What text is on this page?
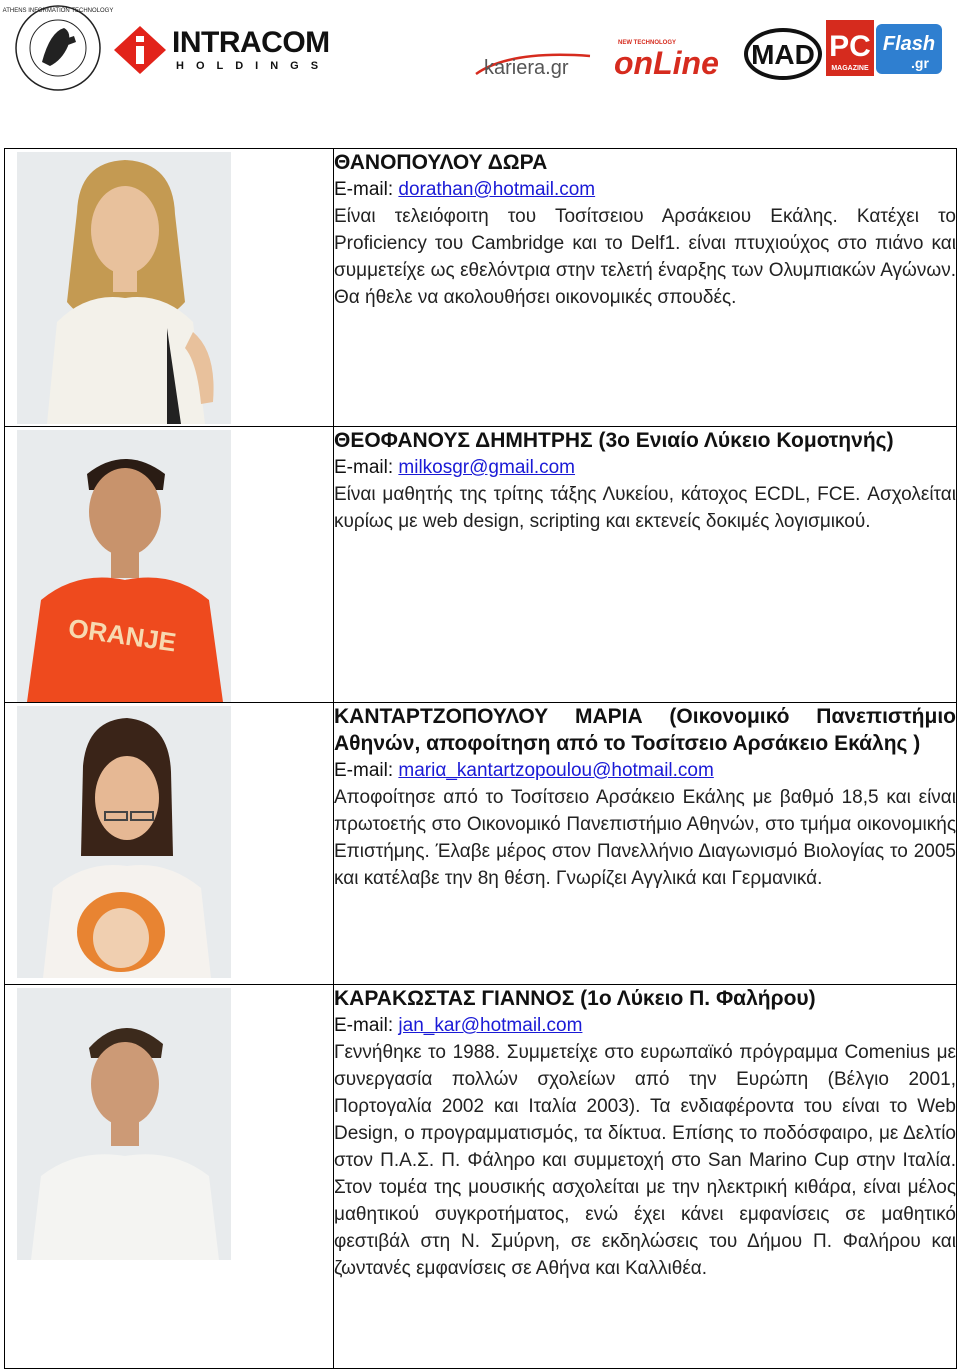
ATHENS INFORMATION TECHNOLOGY
INTRACOM
HOLDINGS	kariera.gr
NEW TECHNOLOGY
onLine MAD PC
MAGAZINE
Flash
.gr

ΘΑΝΟΠΟΥΛΟΥ ΔΩΡΑ

E-mail: dorathan@hotmail.com

Είναι τελειόφοιτη του Τοσίτσειου Αρσάκειου Εκάλης. Κατέχει το Proficiency του Cambridge και το Delf1. είναι πτυχιούχος στο πιάνο και συμμετείχε ως εθελόντρια στην τελετή έναρξης των Ολυμπιακών Αγώνων. Θα ήθελε να ακολουθήσει οικονομικές σπουδές.

ORANJE	ΘΕΟΦΑΝΟΥΣ ΔΗΜΗΤΡΗΣ (3ο Ενιαίο Λύκειο Κομοτηνής)

E-mail: milkosgr@gmail.com

Είναι μαθητής της τρίτης τάξης Λυκείου, κάτοχος ECDL, FCE. Ασχολείται κυρίως με web design, scripting και εκτενείς δοκιμές λογισμικού.

ΚΑΝΤΑΡΤΖΟΠΟΥΛΟΥ ΜΑΡΙΑ (Οικονομικό Πανεπιστήμιο Αθηνών, αποφοίτηση από το Τοσίτσειο Αρσάκειο Εκάλης )

E-mail: mariα_kantartzopoulou@hotmail.com

Αποφοίτησε από το Τοσίτσειο Αρσάκειο Εκάλης με βαθμό 18,5 και είναι πρωτοετής στο Οικονομικό Πανεπιστήμιο Αθηνών, στο τμήμα οικονομικής Επιστήμης. Έλαβε μέρος στον Πανελλήνιο Διαγωνισμό Βιολογίας το 2005 και κατέλαβε την 8η θέση. Γνωρίζει Αγγλικά και Γερμανικά.

ΚΑΡΑΚΩΣΤΑΣ ΓΙΑΝΝΟΣ (1ο Λύκειο Π. Φαλήρου)

E-mail: jan_kar@hotmail.com

Γεννήθηκε το 1988. Συμμετείχε στο ευρωπαϊκό πρόγραμμα Comenius με συνεργασία πολλών σχολείων από την Ευρώπη (Βέλγιο 2001, Πορτογαλία 2002 και Ιταλία 2003). Τα ενδιαφέροντα του είναι το Web Design, ο προγραμματισμός, τα δίκτυα. Επίσης το ποδόσφαιρο, με Δελτίο στον Π.Α.Σ. Π. Φάληρο και συμμετοχή στο San Marino Cup στην Ιταλία. Στον τομέα της μουσικής ασχολείται με την ηλεκτρική κιθάρα, είναι μέλος μαθητικού συγκροτήματος, ενώ έχει κάνει εμφανίσεις σε μαθητικό φεστιβάλ στη Ν. Σμύρνη, σε εκδηλώσεις του Δήμου Π. Φαλήρου και ζωντανές εμφανίσεις σε Αθήνα και Καλλιθέα.
